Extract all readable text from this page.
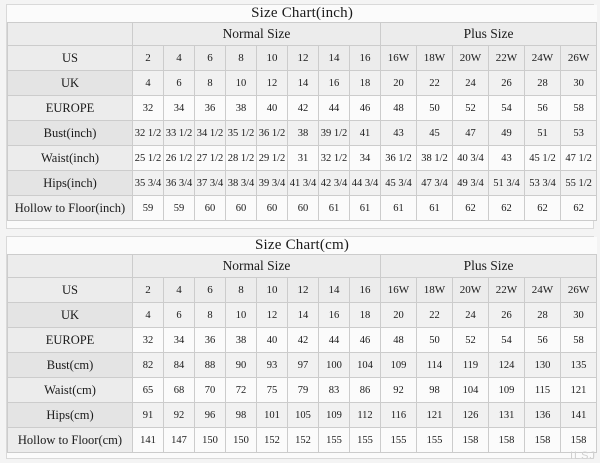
Size Chart(inch)														
	Normal Size								Plus Size					
US	2	4	6	8	10	12	14	16	16W	18W	20W	22W	24W	26W
UK	4	6	8	10	12	14	16	18	20	22	24	26	28	30
EUROPE	32	34	36	38	40	42	44	46	48	50	52	54	56	58
Bust(inch)	32 1/2	33 1/2	34 1/2	35 1/2	36 1/2	38	39 1/2	41	43	45	47	49	51	53
Waist(inch)	25 1/2	26 1/2	27 1/2	28 1/2	29 1/2	31	32 1/2	34	36 1/2	38 1/2	40 3/4	43	45 1/2	47 1/2
Hips(inch)	35 3/4	36 3/4	37 3/4	38 3/4	39 3/4	41 3/4	42 3/4	44 3/4	45 3/4	47 3/4	49 3/4	51 3/4	53 3/4	55 1/2
Hollow to Floor(inch)	59	59	60	60	60	60	61	61	61	61	62	62	62	62
Size Chart(cm)														
	Normal Size								Plus Size					
US	2	4	6	8	10	12	14	16	16W	18W	20W	22W	24W	26W
UK	4	6	8	10	12	14	16	18	20	22	24	26	28	30
EUROPE	32	34	36	38	40	42	44	46	48	50	52	54	56	58
Bust(cm)	82	84	88	90	93	97	100	104	109	114	119	124	130	135
Waist(cm)	65	68	70	72	75	79	83	86	92	98	104	109	115	121
Hips(cm)	91	92	96	98	101	105	109	112	116	121	126	131	136	141
Hollow to Floor(cm)	141	147	150	150	152	152	155	155	155	155	158	158	158	158
ILSJ
